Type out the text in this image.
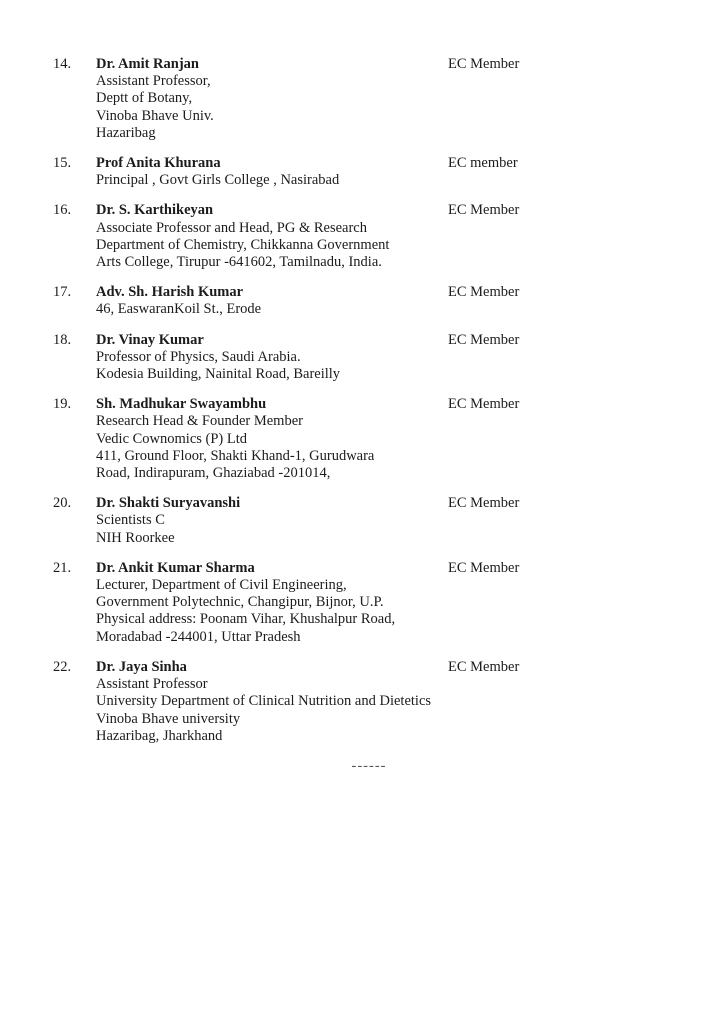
14.	Dr. Amit Ranjan
Assistant Professor,
Deptt of Botany,
Vinoba Bhave Univ.
Hazaribag
EC Member
15.	Prof Anita Khurana
Principal , Govt Girls College , Nasirabad
EC member
16.	Dr. S. Karthikeyan
Associate Professor and Head, PG & Research
Department of Chemistry, Chikkanna Government
Arts College, Tirupur -641602, Tamilnadu, India.
EC Member
17.	Adv. Sh. Harish Kumar
46, EaswaranKoil St., Erode
EC Member
18.	Dr. Vinay Kumar
Professor of Physics, Saudi Arabia.
Kodesia Building, Nainital Road, Bareilly
EC Member
19.	Sh. Madhukar Swayambhu
Research Head & Founder Member
Vedic Cownomics (P) Ltd
411, Ground Floor, Shakti Khand-1, Gurudwara
Road, Indirapuram, Ghaziabad -201014,
EC Member
20.	Dr. Shakti Suryavanshi
Scientists C
NIH Roorkee
EC Member
21.	Dr. Ankit Kumar Sharma
Lecturer, Department of Civil Engineering,
Government Polytechnic, Changipur, Bijnor, U.P.
Physical address: Poonam Vihar, Khushalpur Road,
Moradabad -244001, Uttar Pradesh
EC Member
22.	Dr. Jaya Sinha
Assistant Professor
University Department of Clinical Nutrition and Dietetics
Vinoba Bhave university
Hazaribag, Jharkhand
EC Member
------
